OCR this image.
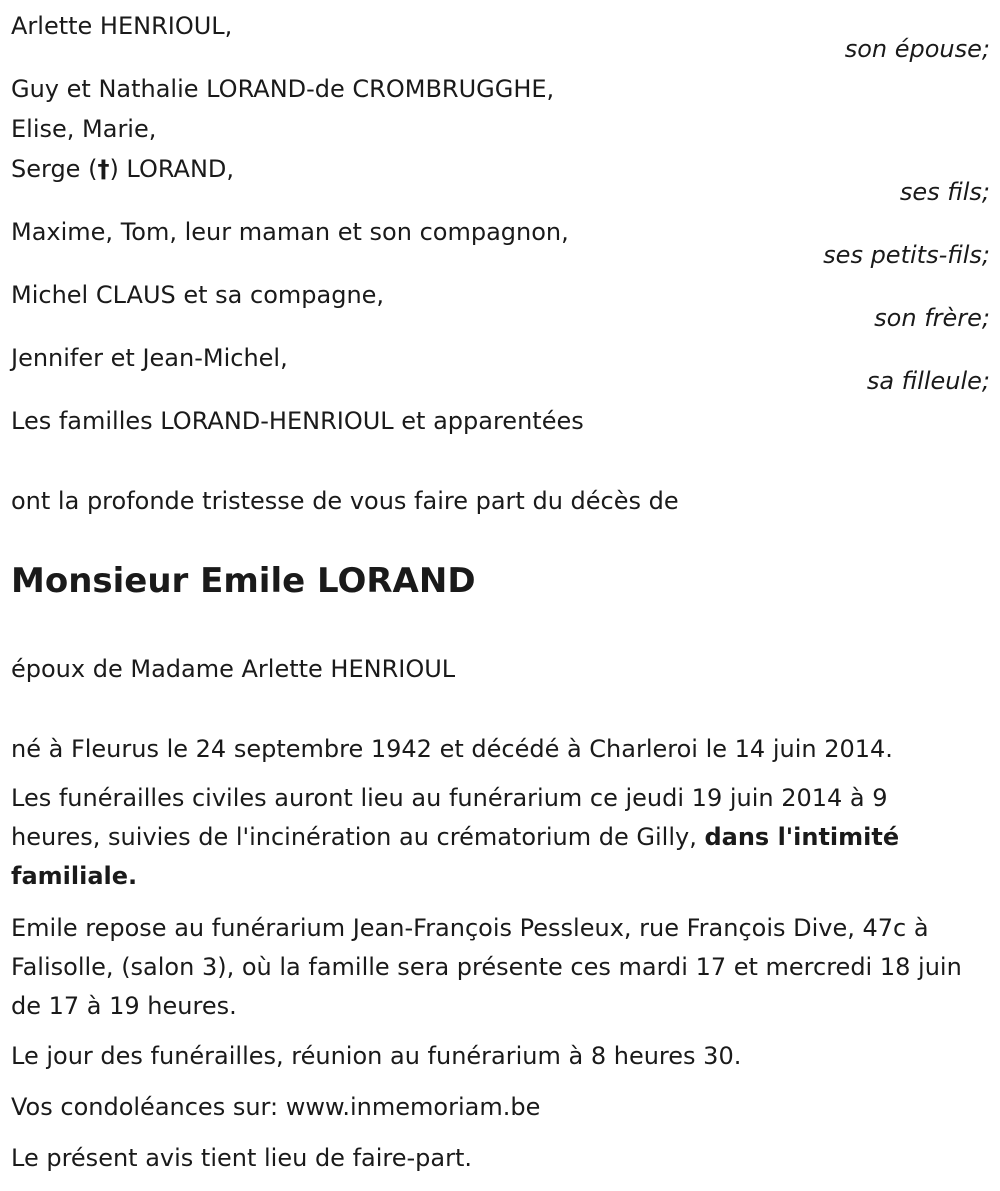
Arlette HENRIOUL,
son épouse;
Guy et Nathalie LORAND-de CROMBRUGGHE,
Elise, Marie,
Serge (†) LORAND,
ses fils;
Maxime, Tom, leur maman et son compagnon,
ses petits-fils;
Michel CLAUS et sa compagne,
son frère;
Jennifer et Jean-Michel,
sa filleule;
Les familles LORAND-HENRIOUL et apparentées
ont la profonde tristesse de vous faire part du décès de
Monsieur Emile LORAND
époux de Madame Arlette HENRIOUL
né à Fleurus le 24 septembre 1942 et décédé à Charleroi le 14 juin 2014.
Les funérailles civiles auront lieu au funérarium ce jeudi 19 juin 2014 à 9 heures, suivies de l'incinération au crématorium de Gilly, dans l'intimité familiale.
Emile repose au funérarium Jean-François Pessleux, rue François Dive, 47c à Falisolle, (salon 3), où la famille sera présente ces mardi 17 et mercredi 18 juin de 17 à 19 heures.
Le jour des funérailles, réunion au funérarium à 8 heures 30.
Vos condoléances sur: www.inmemoriam.be
Le présent avis tient lieu de faire-part.
